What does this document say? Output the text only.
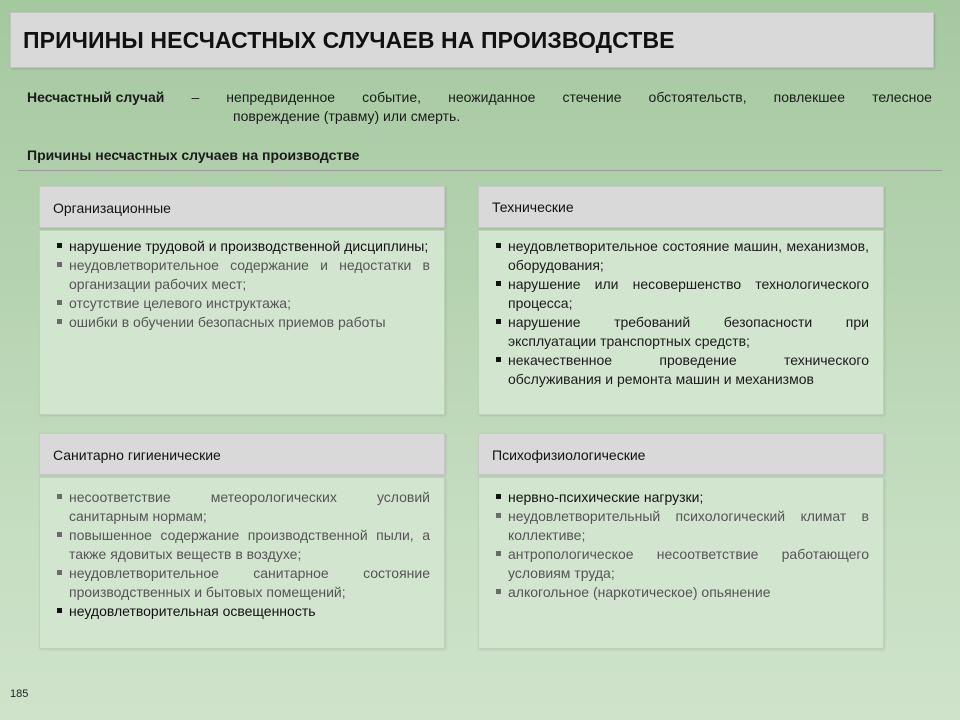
ПРИЧИНЫ НЕСЧАСТНЫХ СЛУЧАЕВ НА ПРОИЗВОДСТВЕ
Несчастный случай – непредвиденное событие, неожиданное стечение обстоятельств, повлекшее телесное
повреждение (травму) или смерть.
Причины несчастных случаев на производстве
Организационные
нарушение трудовой и производственной дисциплины;
неудовлетворительное содержание и недостатки в организации рабочих мест;
отсутствие целевого инструктажа;
ошибки в обучении безопасных приемов работы
Технические
неудовлетворительное состояние машин, механизмов, оборудования;
нарушение или несовершенство технологического процесса;
нарушение требований безопасности при эксплуатации транспортных средств;
некачественное проведение технического обслуживания и ремонта машин и механизмов
Санитарно гигиенические
несоответствие метеорологических условий санитарным нормам;
повышенное содержание производственной пыли, а также ядовитых веществ в воздухе;
неудовлетворительное санитарное состояние производственных и бытовых помещений;
неудовлетворительная освещенность
Психофизиологические
нервно-психические нагрузки;
неудовлетворительный психологический климат в коллективе;
антропологическое несоответствие работающего условиям труда;
алкогольное (наркотическое) опьянение
185
